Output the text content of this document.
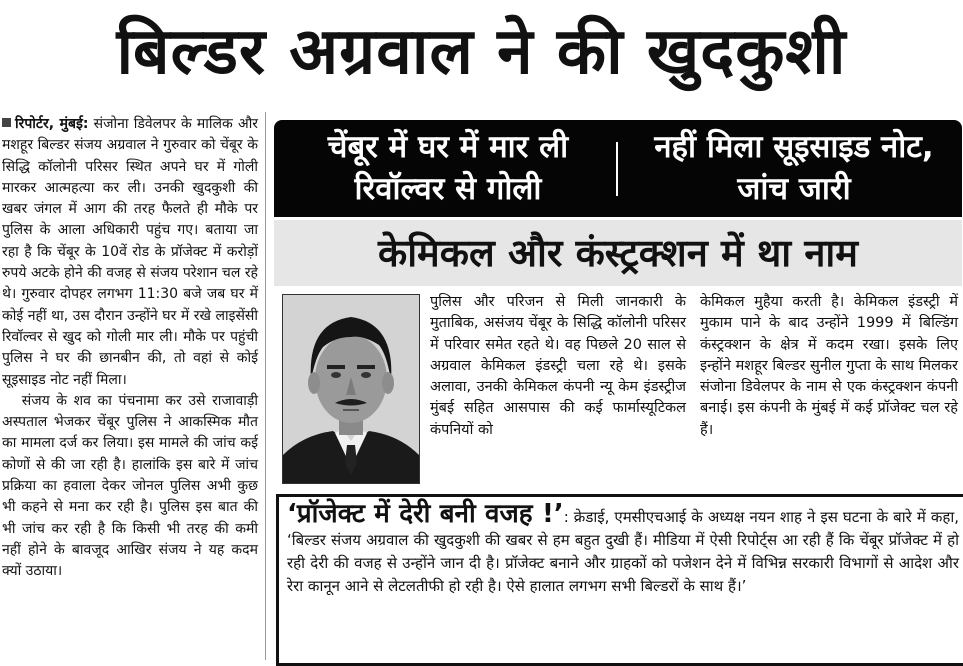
बिल्डर अग्रवाल ने की खुदकुशी

रिपोर्टर, मुंबई: संजोना डिवेलपर के मालिक और मशहूर बिल्डर संजय अग्रवाल ने गुरुवार को चेंबूर के सिद्धि कॉलोनी परिसर स्थित अपने घर में गोली मारकर आत्महत्या कर ली। उनकी खुदकुशी की खबर जंगल में आग की तरह फैलते ही मौके पर पुलिस के आला अधिकारी पहुंच गए। बताया जा रहा है कि चेंबूर के 10वें रोड के प्रॉजेक्ट में करोड़ों रुपये अटके होने की वजह से संजय परेशान चल रहे थे। गुरुवार दोपहर लगभग 11:30 बजे जब घर में कोई नहीं था, उस दौरान उन्होंने घर में रखे लाइसेंसी रिवॉल्वर से खुद को गोली मार ली। मौके पर पहुंची पुलिस ने घर की छानबीन की, तो वहां से कोई सूइसाइड नोट नहीं मिला।

संजय के शव का पंचनामा कर उसे राजावाड़ी अस्पताल भेजकर चेंबूर पुलिस ने आकस्मिक मौत का मामला दर्ज कर लिया। इस मामले की जांच कई कोणों से की जा रही है। हालांकि इस बारे में जांच प्रक्रिया का हवाला देकर जोनल पुलिस अभी कुछ भी कहने से मना कर रही है। पुलिस इस बात की भी जांच कर रही है कि किसी भी तरह की कमी नहीं होने के बावजूद आखिर संजय ने यह कदम क्यों उठाया।

चेंबूर में घर में मार ली रिवॉल्वर से गोली
नहीं मिला सूइसाइड नोट, जांच जारी
केमिकल और कंस्ट्रक्शन में था नाम

पुलिस और परिजन से मिली जानकारी के मुताबिक, असंजय चेंबूर के सिद्धि कॉलोनी परिसर में परिवार समेत रहते थे। वह पिछले 20 साल से अग्रवाल केमिकल इंडस्ट्री चला रहे थे। इसके अलावा, उनकी केमिकल कंपनी न्यू केम इंडस्ट्रीज मुंबई सहित आसपास की कई फार्मास्यूटिकल कंपनियों को

केमिकल मुहैया करती है। केमिकल इंडस्ट्री में मुकाम पाने के बाद उन्होंने 1999 में बिल्डिंग कंस्ट्रक्शन के क्षेत्र में कदम रखा। इसके लिए इन्होंने मशहूर बिल्डर सुनील गुप्ता के साथ मिलकर संजोना डिवेलपर के नाम से एक कंस्ट्रक्शन कंपनी बनाई। इस कंपनी के मुंबई में कई प्रॉजेक्ट चल रहे हैं।

‘प्रॉजेक्ट में देरी बनी वजह !’: क्रेडाई, एमसीएचआई के अध्यक्ष नयन शाह ने इस घटना के बारे में कहा, ‘बिल्डर संजय अग्रवाल की खुदकुशी की खबर से हम बहुत दुखी हैं। मीडिया में ऐसी रिपोर्ट्स आ रही हैं कि चेंबूर प्रॉजेक्ट में हो रही देरी की वजह से उन्होंने जान दी है। प्रॉजेक्ट बनाने और ग्राहकों को पजेशन देने में विभिन्न सरकारी विभागों से आदेश और रेरा कानून आने से लेटलतीफी हो रही है। ऐसे हालात लगभग सभी बिल्डरों के साथ हैं।’
